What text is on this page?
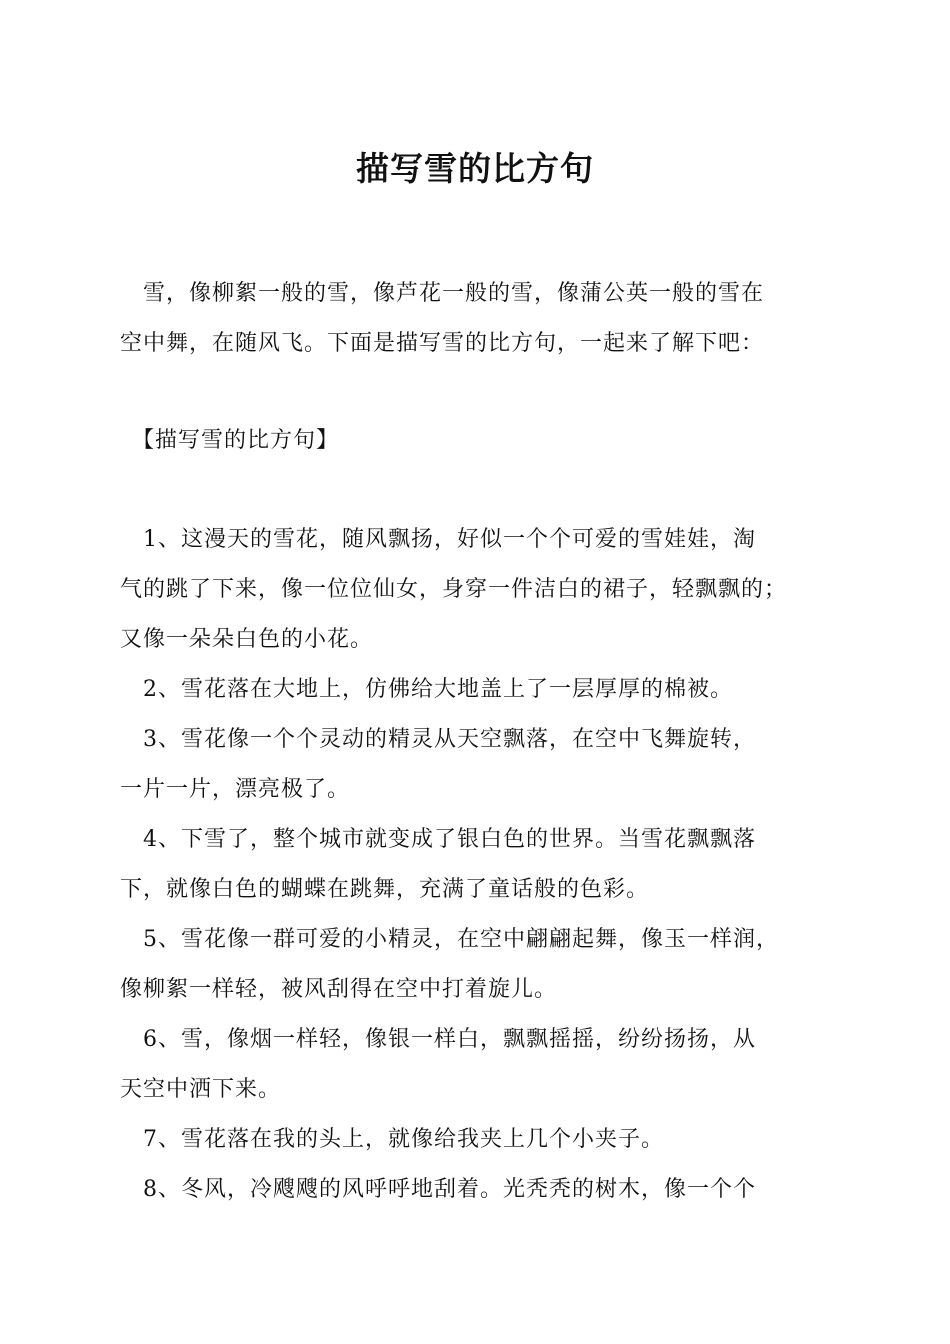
描写雪的比方句
　雪，像柳絮一般的雪，像芦花一般的雪，像蒲公英一般的雪在
空中舞，在随风飞。下面是描写雪的比方句，一起来了解下吧：
　【描写雪的比方句】
　1、这漫天的雪花，随风飘扬，好似一个个可爱的雪娃娃，淘
气的跳了下来，像一位位仙女，身穿一件洁白的裙子，轻飘飘的；
又像一朵朵白色的小花。
　2、雪花落在大地上，仿佛给大地盖上了一层厚厚的棉被。
　3、雪花像一个个灵动的精灵从天空飘落，在空中飞舞旋转，
一片一片，漂亮极了。
　4、下雪了，整个城市就变成了银白色的世界。当雪花飘飘落
下，就像白色的蝴蝶在跳舞，充满了童话般的色彩。
　5、雪花像一群可爱的小精灵，在空中翩翩起舞，像玉一样润，
像柳絮一样轻，被风刮得在空中打着旋儿。
　6、雪，像烟一样轻，像银一样白，飘飘摇摇，纷纷扬扬，从
天空中洒下来。
　7、雪花落在我的头上，就像给我夹上几个小夹子。
　8、冬风，冷飕飕的风呼呼地刮着。光秃秃的树木，像一个个
